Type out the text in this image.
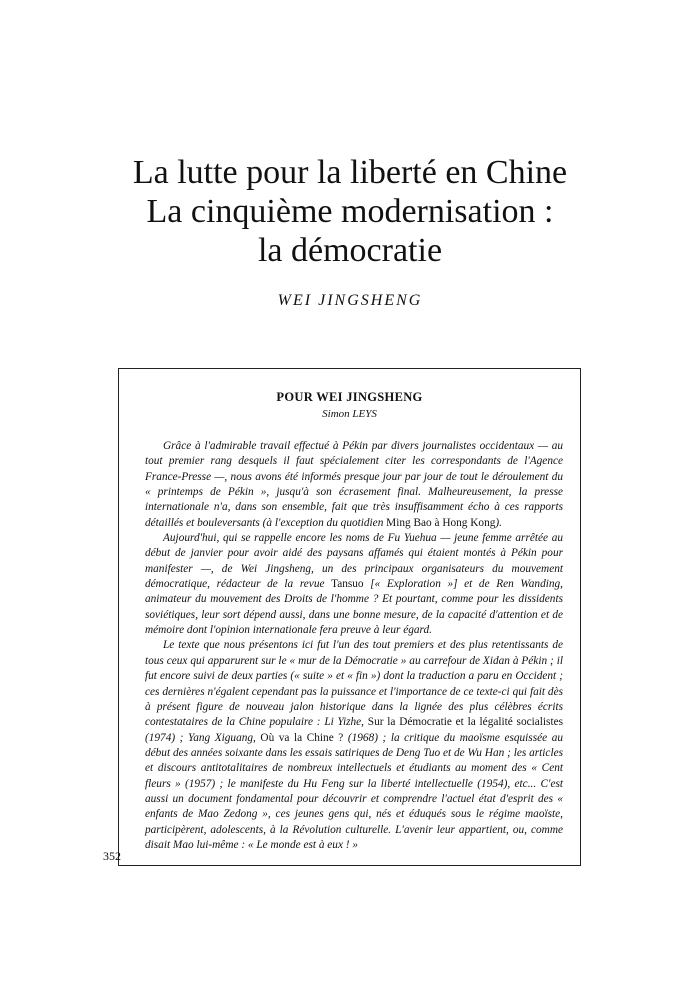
La lutte pour la liberté en Chine
La cinquième modernisation :
la démocratie
WEI JINGSHENG
POUR WEI JINGSHENG
Simon LEYS

Grâce à l'admirable travail effectué à Pékin par divers journalistes occidentaux — au tout premier rang desquels il faut spécialement citer les correspondants de l'Agence France-Presse —, nous avons été informés presque jour par jour de tout le déroulement du « printemps de Pékin », jusqu'à son écrasement final. Malheureusement, la presse internationale n'a, dans son ensemble, fait que très insuffisamment écho à ces rapports détaillés et bouleversants (à l'exception du quotidien Ming Bao à Hong Kong).

Aujourd'hui, qui se rappelle encore les noms de Fu Yuehua — jeune femme arrêtée au début de janvier pour avoir aidé des paysans affamés qui étaient montés à Pékin pour manifester —, de Wei Jingsheng, un des principaux organisateurs du mouvement démocratique, rédacteur de la revue Tansuo [« Exploration »] et de Ren Wanding, animateur du mouvement des Droits de l'homme ? Et pourtant, comme pour les dissidents soviétiques, leur sort dépend aussi, dans une bonne mesure, de la capacité d'attention et de mémoire dont l'opinion internationale fera preuve à leur égard.

Le texte que nous présentons ici fut l'un des tout premiers et des plus retentissants de tous ceux qui apparurent sur le « mur de la Démocratie » au carrefour de Xidan à Pékin ; il fut encore suivi de deux parties (« suite » et « fin ») dont la traduction a paru en Occident ; ces dernières n'égalent cependant pas la puissance et l'importance de ce texte-ci qui fait dès à présent figure de nouveau jalon historique dans la lignée des plus célèbres écrits contestataires de la Chine populaire : Li Yizhe, Sur la Démocratie et la légalité socialistes (1974) ; Yang Xiguang, Où va la Chine ? (1968) ; la critique du maoïsme esquissée au début des années soixante dans les essais satiriques de Deng Tuo et de Wu Han ; les articles et discours antitotalitaires de nombreux intellectuels et étudiants au moment des « Cent fleurs » (1957) ; le manifeste du Hu Feng sur la liberté intellectuelle (1954), etc... C'est aussi un document fondamental pour découvrir et comprendre l'actuel état d'esprit des « enfants de Mao Zedong », ces jeunes gens qui, nés et éduqués sous le régime maoïste, participèrent, adolescents, à la Révolution culturelle. L'avenir leur appartient, ou, comme disait Mao lui-même : « Le monde est à eux ! »

352
